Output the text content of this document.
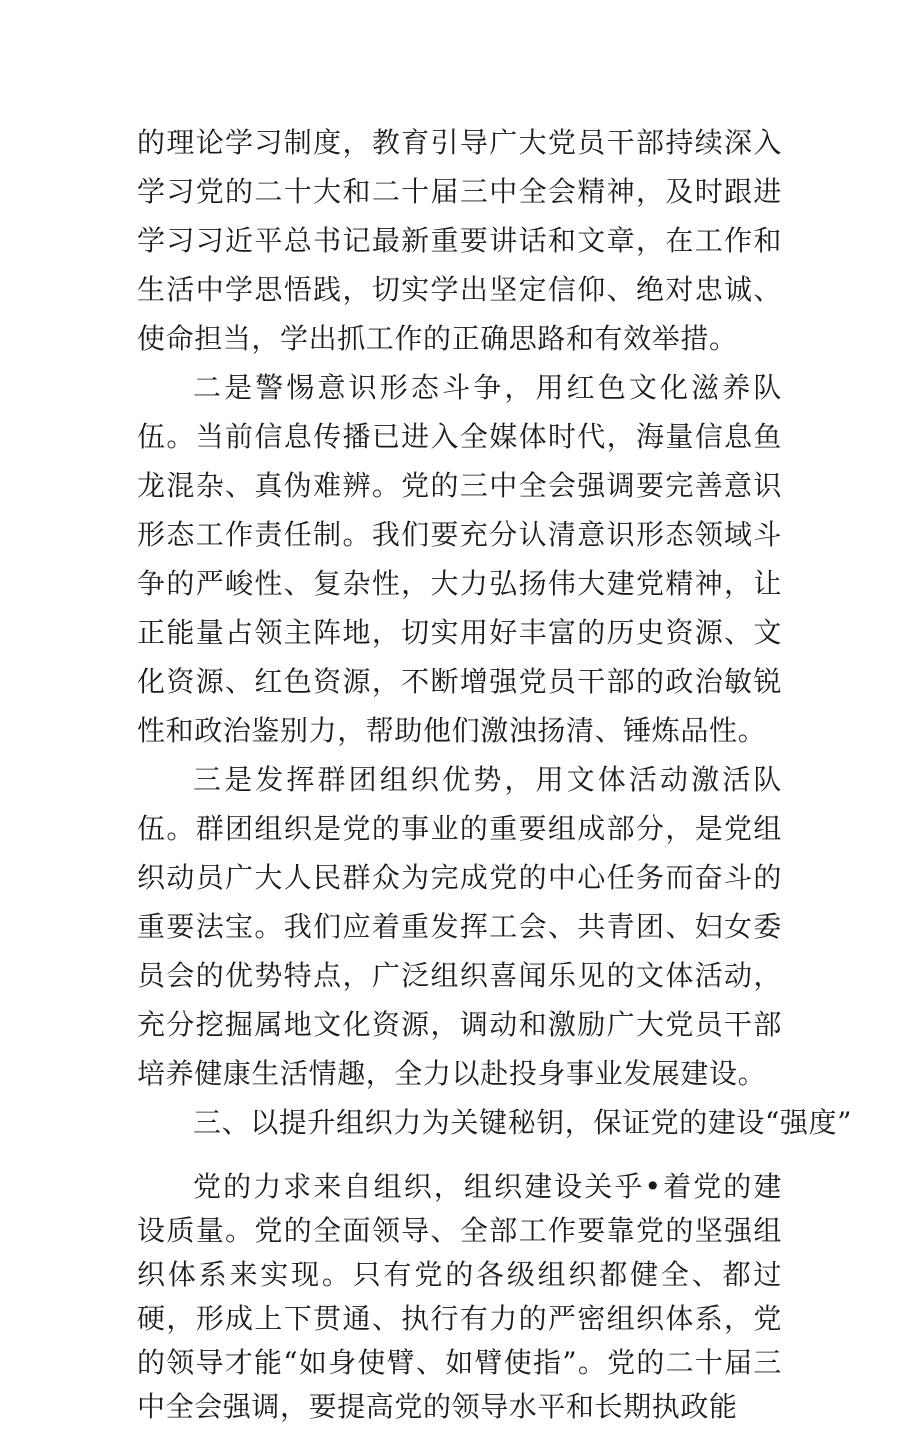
的理论学习制度，教育引导广大党员干部持续深入学习党的二十大和二十届三中全会精神，及时跟进学习习近平总书记最新重要讲话和文章，在工作和生活中学思悟践，切实学出坚定信仰、绝对忠诚、使命担当，学出抓工作的正确思路和有效举措。

二是警惕意识形态斗争，用红色文化滋养队伍。当前信息传播已进入全媒体时代，海量信息鱼龙混杂、真伪难辨。党的三中全会强调要完善意识形态工作责任制。我们要充分认清意识形态领域斗争的严峻性、复杂性，大力弘扬伟大建党精神，让正能量占领主阵地，切实用好丰富的历史资源、文化资源、红色资源，不断增强党员干部的政治敏锐性和政治鉴别力，帮助他们激浊扬清、锤炼品性。

三是发挥群团组织优势，用文体活动激活队伍。群团组织是党的事业的重要组成部分，是党组织动员广大人民群众为完成党的中心任务而奋斗的重要法宝。我们应着重发挥工会、共青团、妇女委员会的优势特点，广泛组织喜闻乐见的文体活动，充分挖掘属地文化资源，调动和激励广大党员干部培养健康生活情趣，全力以赴投身事业发展建设。

三、以提升组织力为关键秘钥，保证党的建设“强度”

党的力求来自组织，组织建设关乎•着党的建设质量。党的全面领导、全部工作要靠党的坚强组织体系来实现。只有党的各级组织都健全、都过硬，形成上下贯通、执行有力的严密组织体系，党的领导才能“如身使臂、如臂使指”。党的二十届三中全会强调，要提高党的领导水平和长期执政能
